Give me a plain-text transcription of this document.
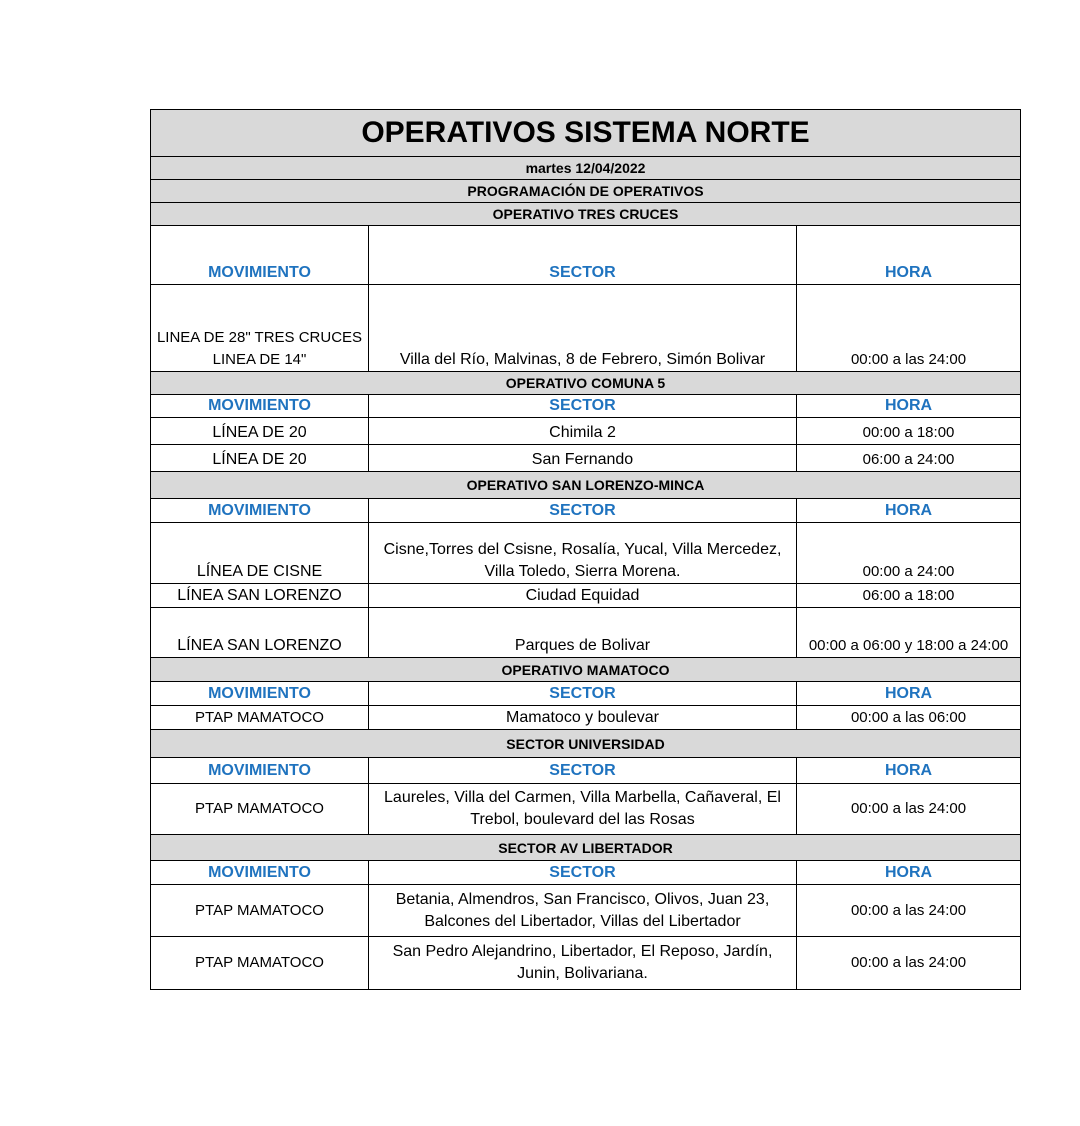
OPERATIVOS SISTEMA NORTE		
martes 12/04/2022		
PROGRAMACIÓN DE OPERATIVOS		
OPERATIVO TRES CRUCES		
MOVIMIENTO	SECTOR	HORA
LINEA DE 28" TRES CRUCES LINEA DE 14"	Villa del Río, Malvinas, 8 de Febrero, Simón Bolivar	00:00 a las 24:00
OPERATIVO COMUNA 5		
MOVIMIENTO	SECTOR	HORA
LÍNEA DE 20	Chimila 2	00:00 a 18:00
LÍNEA DE 20	San Fernando	06:00 a 24:00
OPERATIVO SAN LORENZO-MINCA		
MOVIMIENTO	SECTOR	HORA
LÍNEA DE CISNE	Cisne,Torres del Csisne, Rosalía, Yucal, Villa Mercedez, Villa Toledo, Sierra Morena.	00:00 a 24:00
LÍNEA SAN LORENZO	Ciudad Equidad	06:00 a 18:00
LÍNEA SAN LORENZO	Parques de Bolivar	00:00 a 06:00 y 18:00 a 24:00
OPERATIVO MAMATOCO		
MOVIMIENTO	SECTOR	HORA
PTAP MAMATOCO	Mamatoco y boulevar	00:00 a las 06:00
SECTOR UNIVERSIDAD		
MOVIMIENTO	SECTOR	HORA
PTAP MAMATOCO	Laureles, Villa del Carmen, Villa Marbella, Cañaveral, El Trebol, boulevard del las Rosas	00:00 a las 24:00
SECTOR AV LIBERTADOR		
MOVIMIENTO	SECTOR	HORA
PTAP MAMATOCO	Betania, Almendros, San Francisco, Olivos, Juan 23, Balcones del Libertador, Villas del Libertador	00:00 a las 24:00
PTAP MAMATOCO	San Pedro Alejandrino, Libertador, El Reposo, Jardín, Junin, Bolivariana.	00:00 a las 24:00
